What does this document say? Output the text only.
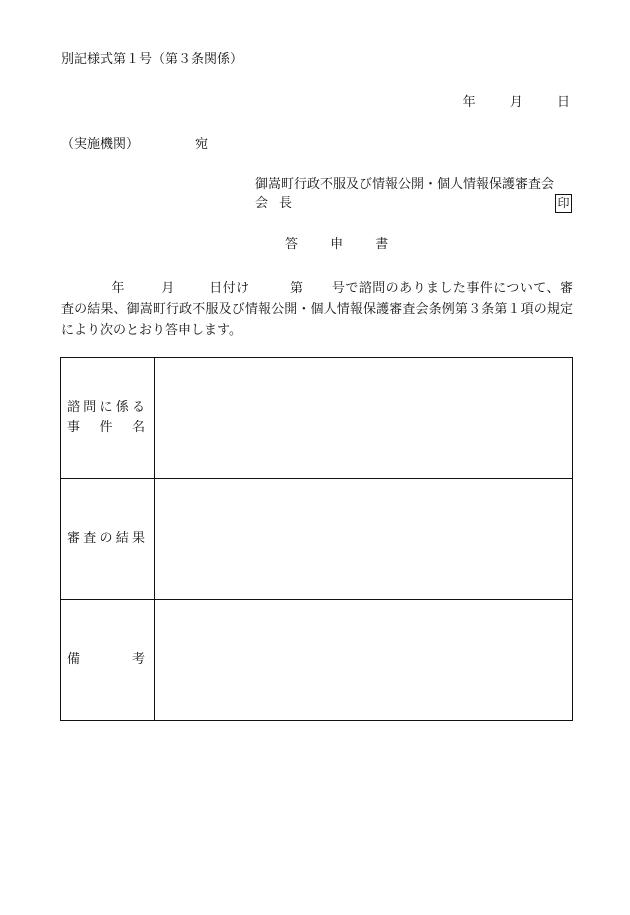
別記様式第１号（第３条関係）
年	月	日
（実施機関）	宛
御嵩町行政不服及び情報公開・個人情報保護審査会
会 長	印
答 申 書
年	月	日付け	第 号で諮問のありました事件について、審査の結果、御嵩町行政不服及び情報公開・個人情報保護審査会条例第３条第１項の規定により次のとおり答申します。
諮問に係る
事 件 名	

審査の結果	

備　　　考	
